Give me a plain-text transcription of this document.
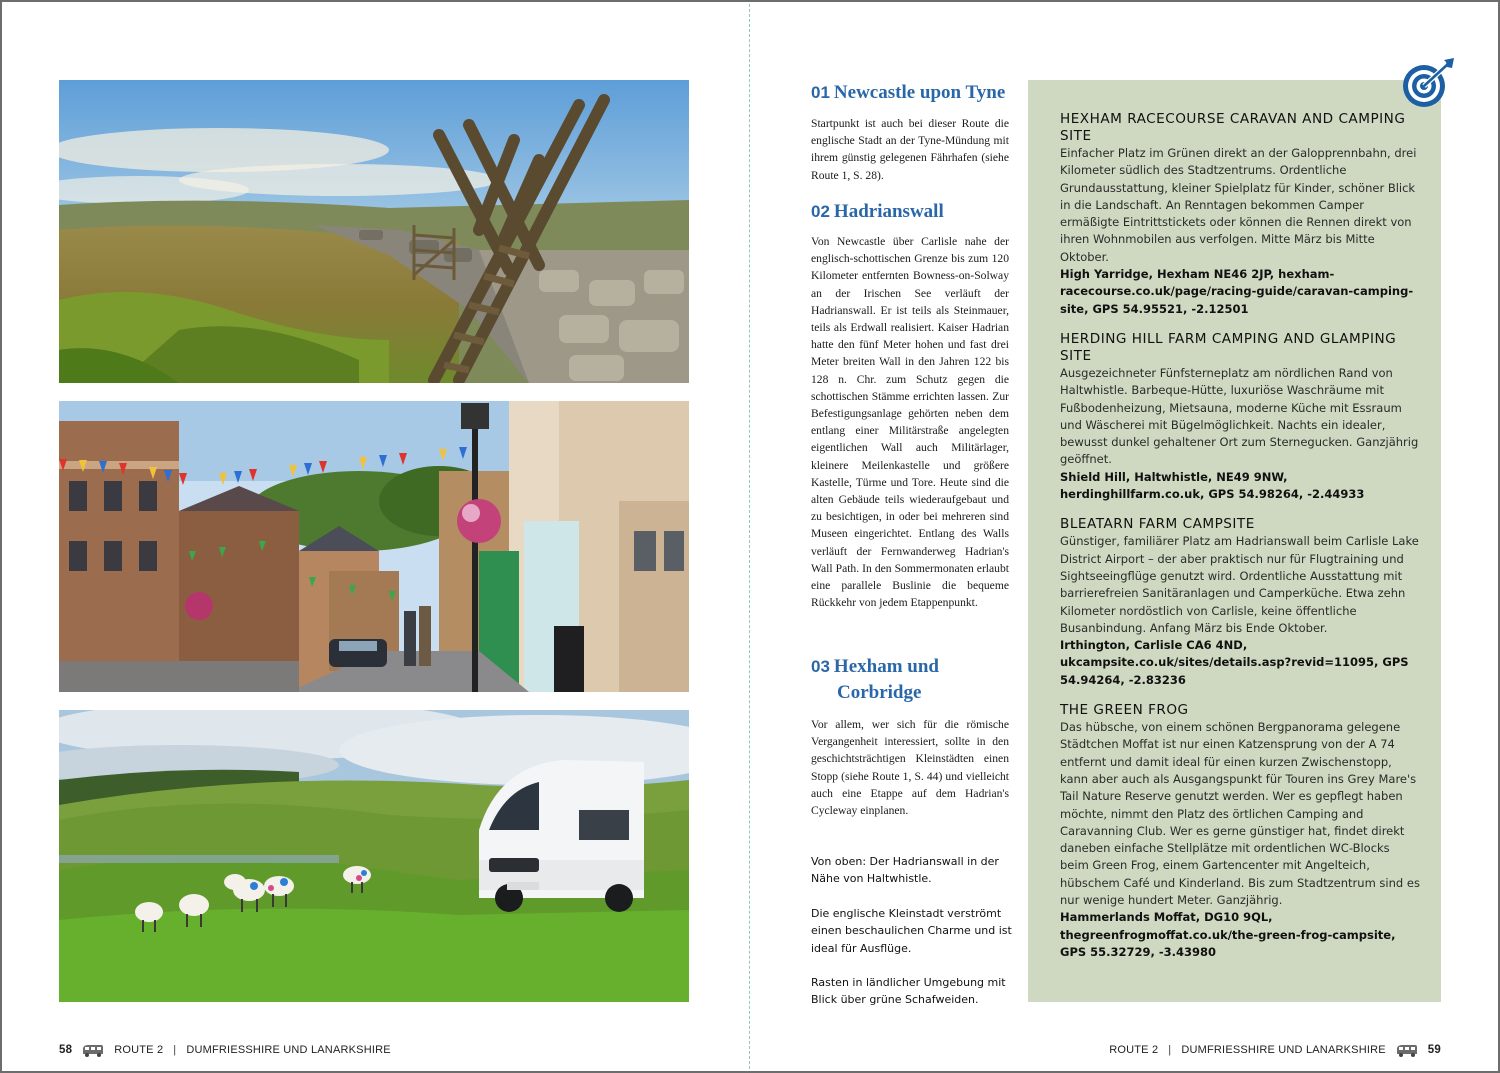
01 Newcastle upon Tyne

Startpunkt ist auch bei dieser Route die englische Stadt an der Tyne-Mündung mit ihrem günstig gelegenen Fährhafen (siehe Route 1, S. 28).

02 Hadrianswall

Von Newcastle über Carlisle nahe der englisch-schottischen Grenze bis zum 120 Kilometer entfernten Bowness-on-Solway an der Irischen See verläuft der Hadrianswall. Er ist teils als Steinmauer, teils als Erdwall realisiert. Kaiser Hadrian hatte den fünf Meter hohen und fast drei Meter breiten Wall in den Jahren 122 bis 128 n. Chr. zum Schutz gegen die schottischen Stämme errichten lassen. Zur Befestigungsanlage gehörten neben dem entlang einer Militärstraße angelegten eigentlichen Wall auch Militärlager, kleinere Meilenkastelle und größere Kastelle, Türme und Tore. Heute sind die alten Gebäude teils wiederaufgebaut und zu besichtigen, in oder bei mehreren sind Museen eingerichtet. Entlang des Walls verläuft der Fernwanderweg Hadrian's Wall Path. In den Sommermonaten erlaubt eine parallele Buslinie die bequeme Rückkehr von jedem Etappenpunkt.

03 Hexham und
Corbridge

Vor allem, wer sich für die römische Vergangenheit interessiert, sollte in den geschichtsträchtigen Kleinstädten einen Stopp (siehe Route 1, S. 44) und vielleicht auch eine Etappe auf dem Hadrian's Cycleway einplanen.

Von oben: Der Hadrianswall in der Nähe von Haltwhistle.

Die englische Kleinstadt verströmt einen beschaulichen Charme und ist ideal für Ausflüge.

Rasten in ländlicher Umgebung mit Blick über grüne Schafweiden.

HEXHAM RACECOURSE CARAVAN AND CAMPING SITE

Einfacher Platz im Grünen direkt an der Galopprennbahn, drei Kilometer südlich des Stadtzentrums. Ordentliche Grundausstattung, kleiner Spielplatz für Kinder, schöner Blick in die Landschaft. An Renntagen bekommen Camper ermäßigte Eintrittstickets oder können die Rennen direkt von ihren Wohnmobilen aus verfolgen. Mitte März bis Mitte Oktober.

High Yarridge, Hexham NE46 2JP, hexham-racecourse.co.uk/page/racing-guide/caravan-camping-site, GPS 54.95521, -2.12501

HERDING HILL FARM CAMPING AND GLAMPING SITE

Ausgezeichneter Fünfsterneplatz am nördlichen Rand von Haltwhistle. Barbeque-Hütte, luxuriöse Waschräume mit Fußbodenheizung, Mietsauna, moderne Küche mit Essraum und Wäscherei mit Bügelmöglichkeit. Nachts ein idealer, bewusst dunkel gehaltener Ort zum Sternegucken. Ganzjährig geöffnet.

Shield Hill, Haltwhistle, NE49 9NW, herdinghillfarm.co.uk, GPS 54.98264, -2.44933

BLEATARN FARM CAMPSITE

Günstiger, familiärer Platz am Hadrianswall beim Carlisle Lake District Airport – der aber praktisch nur für Flugtraining und Sightseeingflüge genutzt wird. Ordentliche Ausstattung mit barrierefreien Sanitäranlagen und Camperküche. Etwa zehn Kilometer nordöstlich von Carlisle, keine öffentliche Busanbindung. Anfang März bis Ende Oktober.

Irthington, Carlisle CA6 4ND, ukcampsite.co.uk/sites/details.asp?revid=11095, GPS 54.94264, -2.83236

THE GREEN FROG

Das hübsche, von einem schönen Bergpanorama gelegene Städtchen Moffat ist nur einen Katzensprung von der A 74 entfernt und damit ideal für einen kurzen Zwischenstopp, kann aber auch als Ausgangspunkt für Touren ins Grey Mare's Tail Nature Reserve genutzt werden. Wer es gepflegt haben möchte, nimmt den Platz des örtlichen Camping and Caravanning Club. Wer es gerne günstiger hat, findet direkt daneben einfache Stellplätze mit ordentlichen WC-Blocks beim Green Frog, einem Gartencenter mit Angelteich, hübschem Café und Kinderland. Bis zum Stadtzentrum sind es nur wenige hundert Meter. Ganzjährig.

Hammerlands Moffat, DG10 9QL, thegreenfrogmoffat.co.uk/the-green-frog-campsite, GPS 55.32729, -3.43980

58	ROUTE 2 | DUMFRIESSHIRE UND LANARKSHIRE	ROUTE 2 | DUMFRIESSHIRE UND LANARKSHIRE	59
